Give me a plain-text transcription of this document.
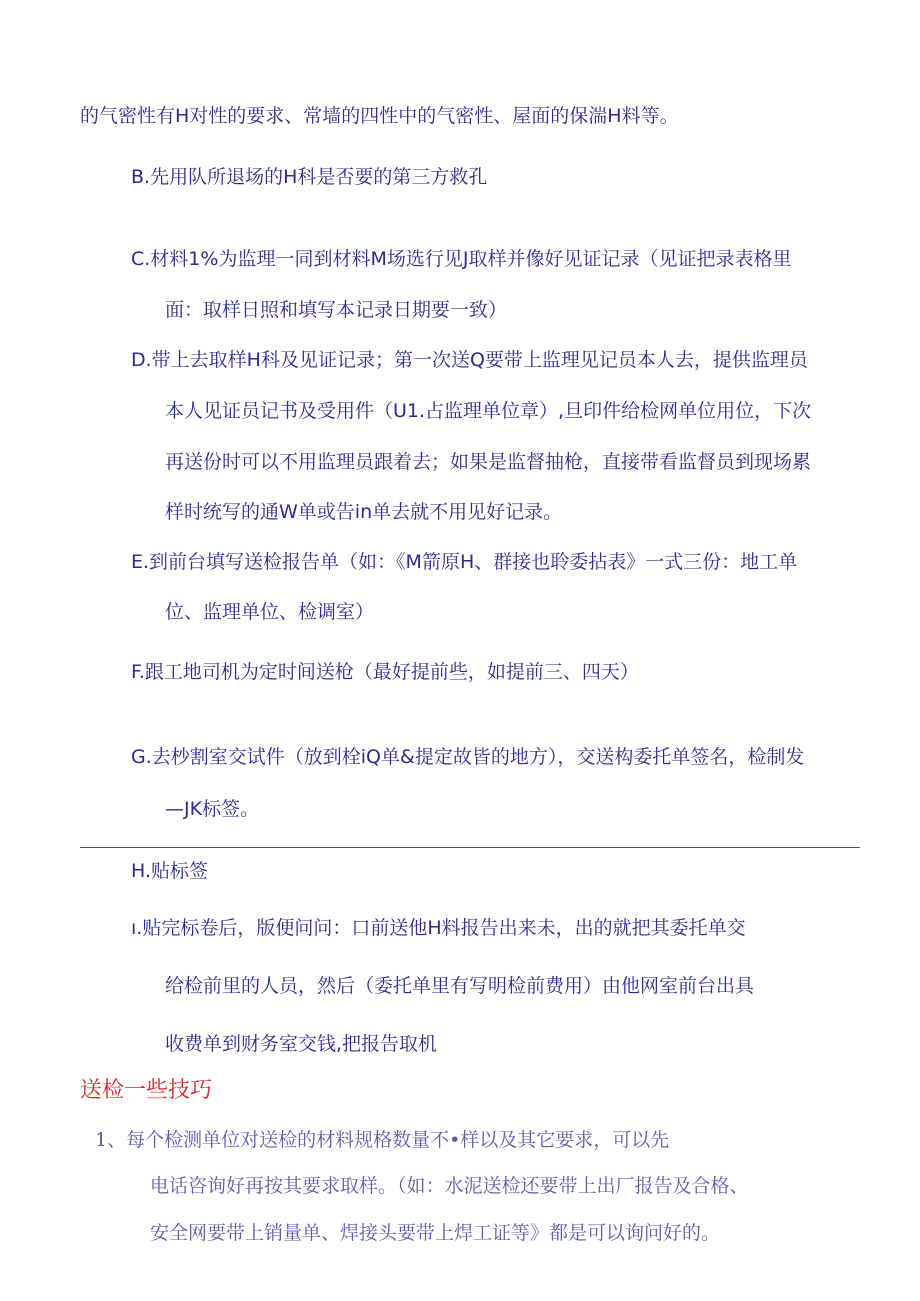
的气密性有H对性的要求、常墙的四性中的气密性、屋面的保湍H料等。
B.先用队所退场的H科是否要的第三方救孔
C.材料1%为监理一同到材料M场选行见J取样并像好见证记录（见证把录表格里
面：取样日照和填写本记录日期要一致）
D.带上去取样H科及见证记录；第一次送Q要带上监理见记员本人去，提供监理员
本人见证员记书及受用件（U1.占监理单位章）,旦印件给检网单位用位，下次
再送份时可以不用监理员跟着去；如果是监督抽枪，直接带看监督员到现场累
样时统写的通W单或告in单去就不用见好记录。
E.到前台填写送检报告单（如：《M箭原H、群接也聆委拈表》一式三份：地工单
位、监理单位、检调室）
F.跟工地司机为定时间送枪（最好提前些，如提前三、四天）
G.去杪割室交试件（放到栓iQ单&提定故皆的地方），交送构委托单签名，检制发
—JK标签。
H.贴标签
ı.贴完标卷后，版便问问：口前送他H料报告出来未，出的就把其委托单交
给检前里的人员，然后（委托单里有写明检前费用）由他网室前台出具
收费单到财务室交钱,把报告取机
送检一些技巧
1、每个检测单位对送检的材料规格数量不•样以及其它要求，可以先
电话咨询好再按其要求取样。（如：水泥送检还要带上出厂报告及合格、
安全网要带上销量单、焊接头要带上焊工证等》都是可以询问好的。
